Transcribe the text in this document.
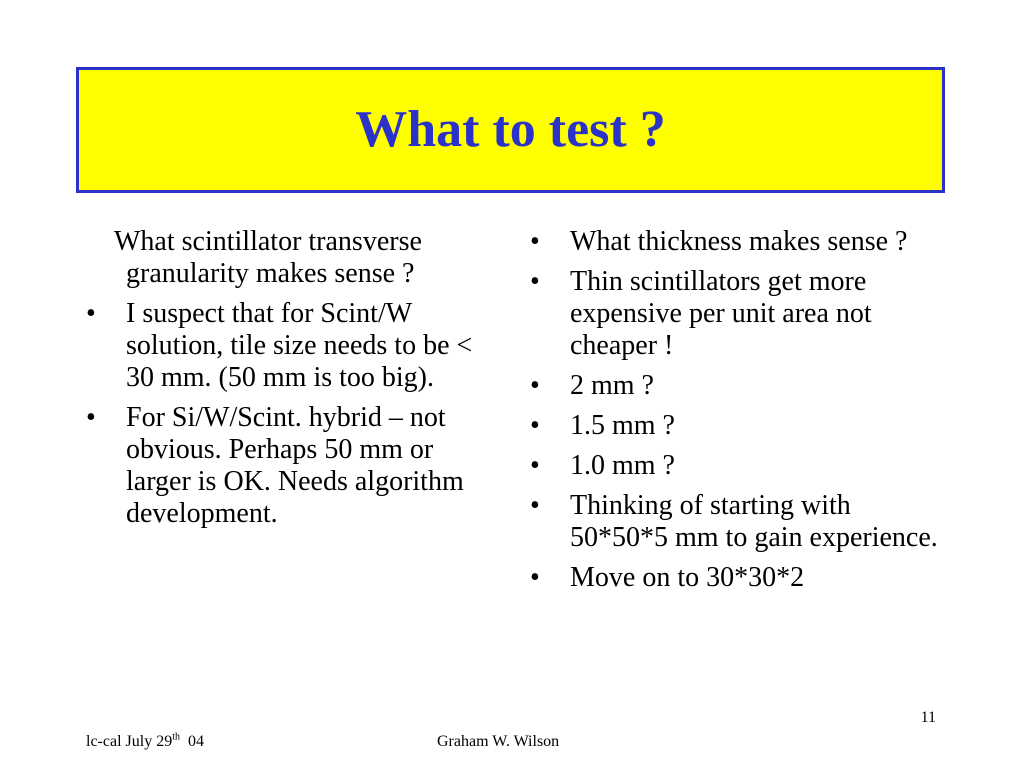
What to test ?
What scintillator transverse granularity makes sense ?
•	I suspect that for Scint/W solution, tile size needs to be < 30 mm. (50 mm is too big).
•	For Si/W/Scint. hybrid – not obvious. Perhaps 50 mm or larger is OK. Needs algorithm development.
•	What thickness makes sense ?
•	Thin scintillators get more expensive per unit area not cheaper !
•	2 mm ?
•	1.5 mm ?
•	1.0 mm ?
•	Thinking of starting with 50*50*5 mm to gain experience.
•	Move on to 30*30*2
11
lc-cal July 29th  04	Graham W. Wilson
